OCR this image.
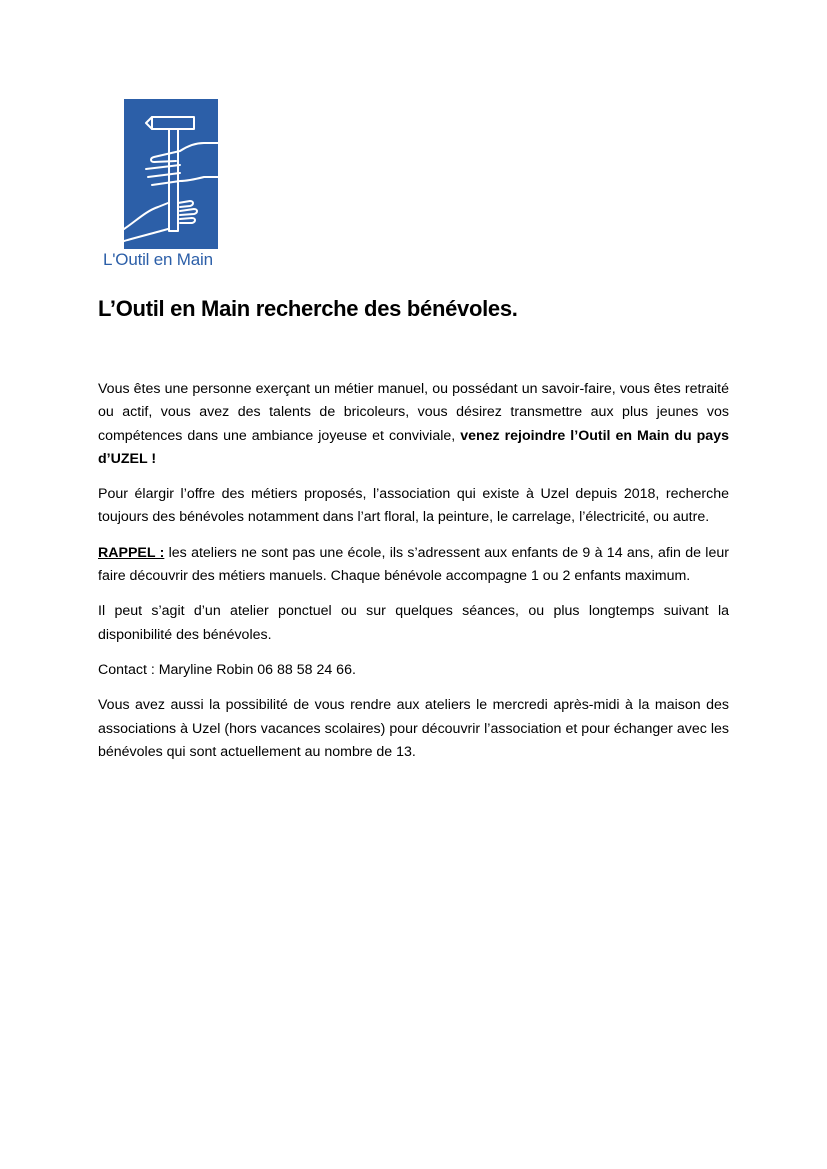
L'Outil en Main
L’Outil en Main recherche des bénévoles.

Vous êtes une personne exerçant un métier manuel, ou possédant un savoir-faire, vous êtes retraité ou actif, vous avez des talents de bricoleurs, vous désirez transmettre aux plus jeunes vos compétences dans une ambiance joyeuse et conviviale, venez rejoindre l’Outil en Main du pays d’UZEL !

Pour élargir l’offre des métiers proposés, l’association qui existe à Uzel depuis 2018, recherche toujours des bénévoles notamment dans l’art floral, la peinture, le carrelage, l’électricité, ou autre.

RAPPEL : les ateliers ne sont pas une école, ils s’adressent aux enfants de 9 à 14 ans, afin de leur faire découvrir des métiers manuels. Chaque bénévole accompagne 1 ou 2 enfants maximum.

Il peut s’agit d’un atelier ponctuel ou sur quelques séances, ou plus longtemps suivant la disponibilité des bénévoles.

Contact : Maryline Robin 06 88 58 24 66.

Vous avez aussi la possibilité de vous rendre aux ateliers le mercredi après-midi à la maison des associations à Uzel (hors vacances scolaires) pour découvrir l’association et pour échanger avec les bénévoles qui sont actuellement au nombre de 13.
